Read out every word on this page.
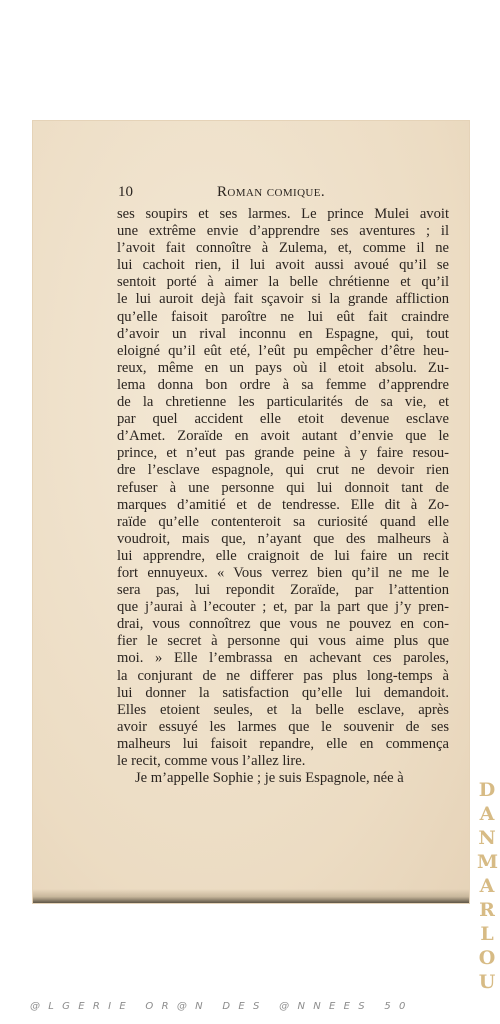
10	Roman comique.
ses soupirs et ses larmes. Le prince Mulei avoit
une extrême envie d’apprendre ses aventures ; il
l’avoit fait connoître à Zulema, et, comme il ne
lui cachoit rien, il lui avoit aussi avoué qu’il se
sentoit porté à aimer la belle chrétienne et qu’il
le lui auroit dejà fait sçavoir si la grande affliction
qu’elle faisoit paroître ne lui eût fait craindre
d’avoir un rival inconnu en Espagne, qui, tout
eloigné qu’il eût eté, l’eût pu empêcher d’être heu-
reux, même en un pays où il etoit absolu. Zu-
lema donna bon ordre à sa femme d’apprendre
de la chretienne les particularités de sa vie, et
par quel accident elle etoit devenue esclave
d’Amet. Zoraïde en avoit autant d’envie que le
prince, et n’eut pas grande peine à y faire resou-
dre l’esclave espagnole, qui crut ne devoir rien
refuser à une personne qui lui donnoit tant de
marques d’amitié et de tendresse. Elle dit à Zo-
raïde qu’elle contenteroit sa curiosité quand elle
voudroit, mais que, n’ayant que des malheurs à
lui apprendre, elle craignoit de lui faire un recit
fort ennuyeux. « Vous verrez bien qu’il ne me le
sera pas, lui repondit Zoraïde, par l’attention
que j’aurai à l’ecouter ; et, par la part que j’y pren-
drai, vous connoîtrez que vous ne pouvez en con-
fier le secret à personne qui vous aime plus que
moi. » Elle l’embrassa en achevant ces paroles,
la conjurant de ne differer pas plus long-temps à
lui donner la satisfaction qu’elle lui demandoit.
Elles etoient seules, et la belle esclave, après
avoir essuyé les larmes que le souvenir de ses
malheurs lui faisoit repandre, elle en commença
le recit, comme vous l’allez lire.
Je m’appelle Sophie ; je suis Espagnole, née à
D
A
N
M
A
R
L
O
U
@LGERIE OR@N DES @NNEES 50
